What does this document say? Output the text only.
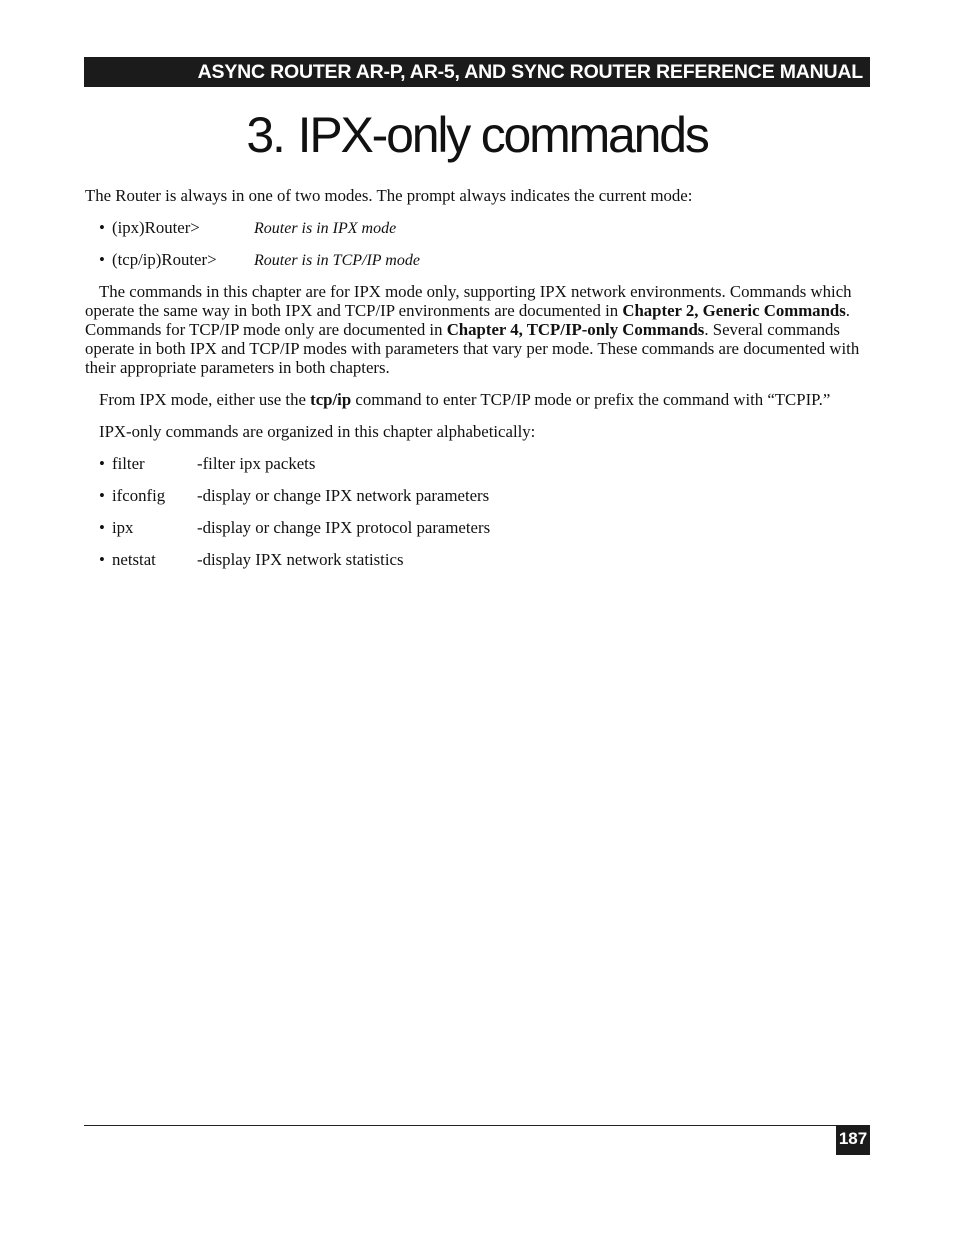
ASYNC ROUTER AR-P, AR-5, AND SYNC ROUTER REFERENCE MANUAL
3. IPX-only commands

The Router is always in one of two modes. The prompt always indicates the current mode:

• (ipx)Router>	Router is in IPX mode
• (tcp/ip)Router> Router is in TCP/IP mode

The commands in this chapter are for IPX mode only, supporting IPX network environments. Commands which operate the same way in both IPX and TCP/IP environments are documented in Chapter 2, Generic Commands. Commands for TCP/IP mode only are documented in Chapter 4, TCP/IP-only Commands. Several commands operate in both IPX and TCP/IP modes with parameters that vary per mode. These commands are documented with their appropriate parameters in both chapters.

From IPX mode, either use the tcp/ip command to enter TCP/IP mode or prefix the command with “TCPIP.”

IPX-only commands are organized in this chapter alphabetically:

• filter	-filter ipx packets
• ifconfig -display or change IPX network parameters
• ipx	-display or change IPX protocol parameters
• netstat -display IPX network statistics
187
